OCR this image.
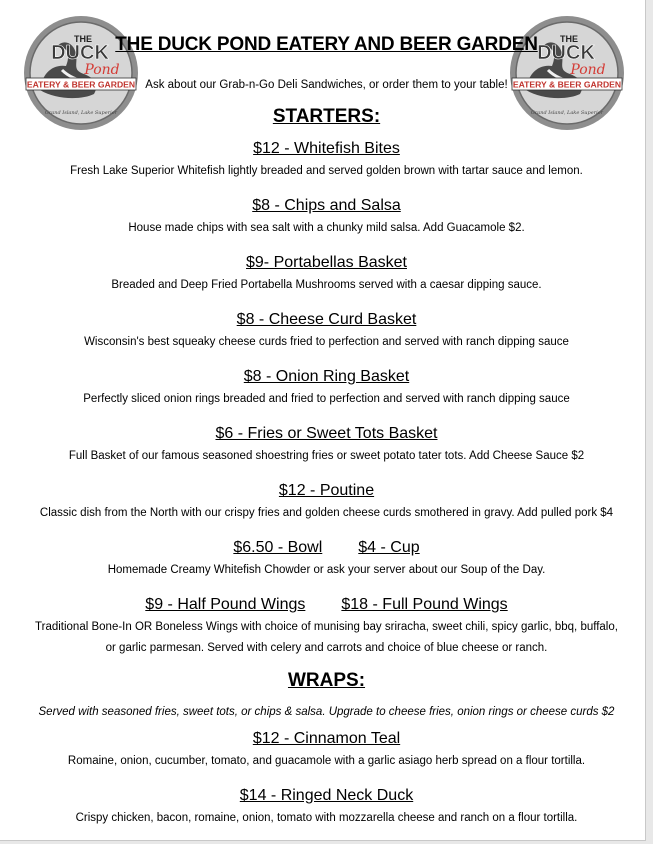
THE
DUCK
Pond
EATERY & BEER GARDEN
Grand Island, Lake Superior
THE
DUCK
Pond
EATERY & BEER GARDEN
Grand Island, Lake Superior
THE DUCK POND EATERY AND BEER GARDEN
Ask about our Grab-n-Go Deli Sandwiches, or order them to your table!
STARTERS:
$12 - Whitefish Bites
Fresh Lake Superior Whitefish lightly breaded and served golden brown with tartar sauce and lemon.
$8 - Chips and Salsa
House made chips with sea salt with a chunky mild salsa. Add Guacamole $2.
$9- Portabellas Basket
Breaded and Deep Fried Portabella Mushrooms served with a caesar dipping sauce.
$8 - Cheese Curd Basket
Wisconsin's best squeaky cheese curds fried to perfection and served with ranch dipping sauce
$8 - Onion Ring Basket
Perfectly sliced onion rings breaded and fried to perfection and served with ranch dipping sauce
$6 - Fries or Sweet Tots Basket
Full Basket of our famous seasoned shoestring fries or sweet potato tater tots. Add Cheese Sauce $2
$12 - Poutine
Classic dish from the North with our crispy fries and golden cheese curds smothered in gravy. Add pulled pork $4
$6.50 - Bowl $4 - Cup
Homemade Creamy Whitefish Chowder or ask your server about our Soup of the Day.
$9 - Half Pound Wings $18 - Full Pound Wings
Traditional Bone-In OR Boneless Wings with choice of munising bay sriracha, sweet chili, spicy garlic, bbq, buffalo,
or garlic parmesan. Served with celery and carrots and choice of blue cheese or ranch.
WRAPS:
Served with seasoned fries, sweet tots, or chips & salsa. Upgrade to cheese fries, onion rings or cheese curds $2
$12 - Cinnamon Teal
Romaine, onion, cucumber, tomato, and guacamole with a garlic asiago herb spread on a flour tortilla.
$14 - Ringed Neck Duck
Crispy chicken, bacon, romaine, onion, tomato with mozzarella cheese and ranch on a flour tortilla.
